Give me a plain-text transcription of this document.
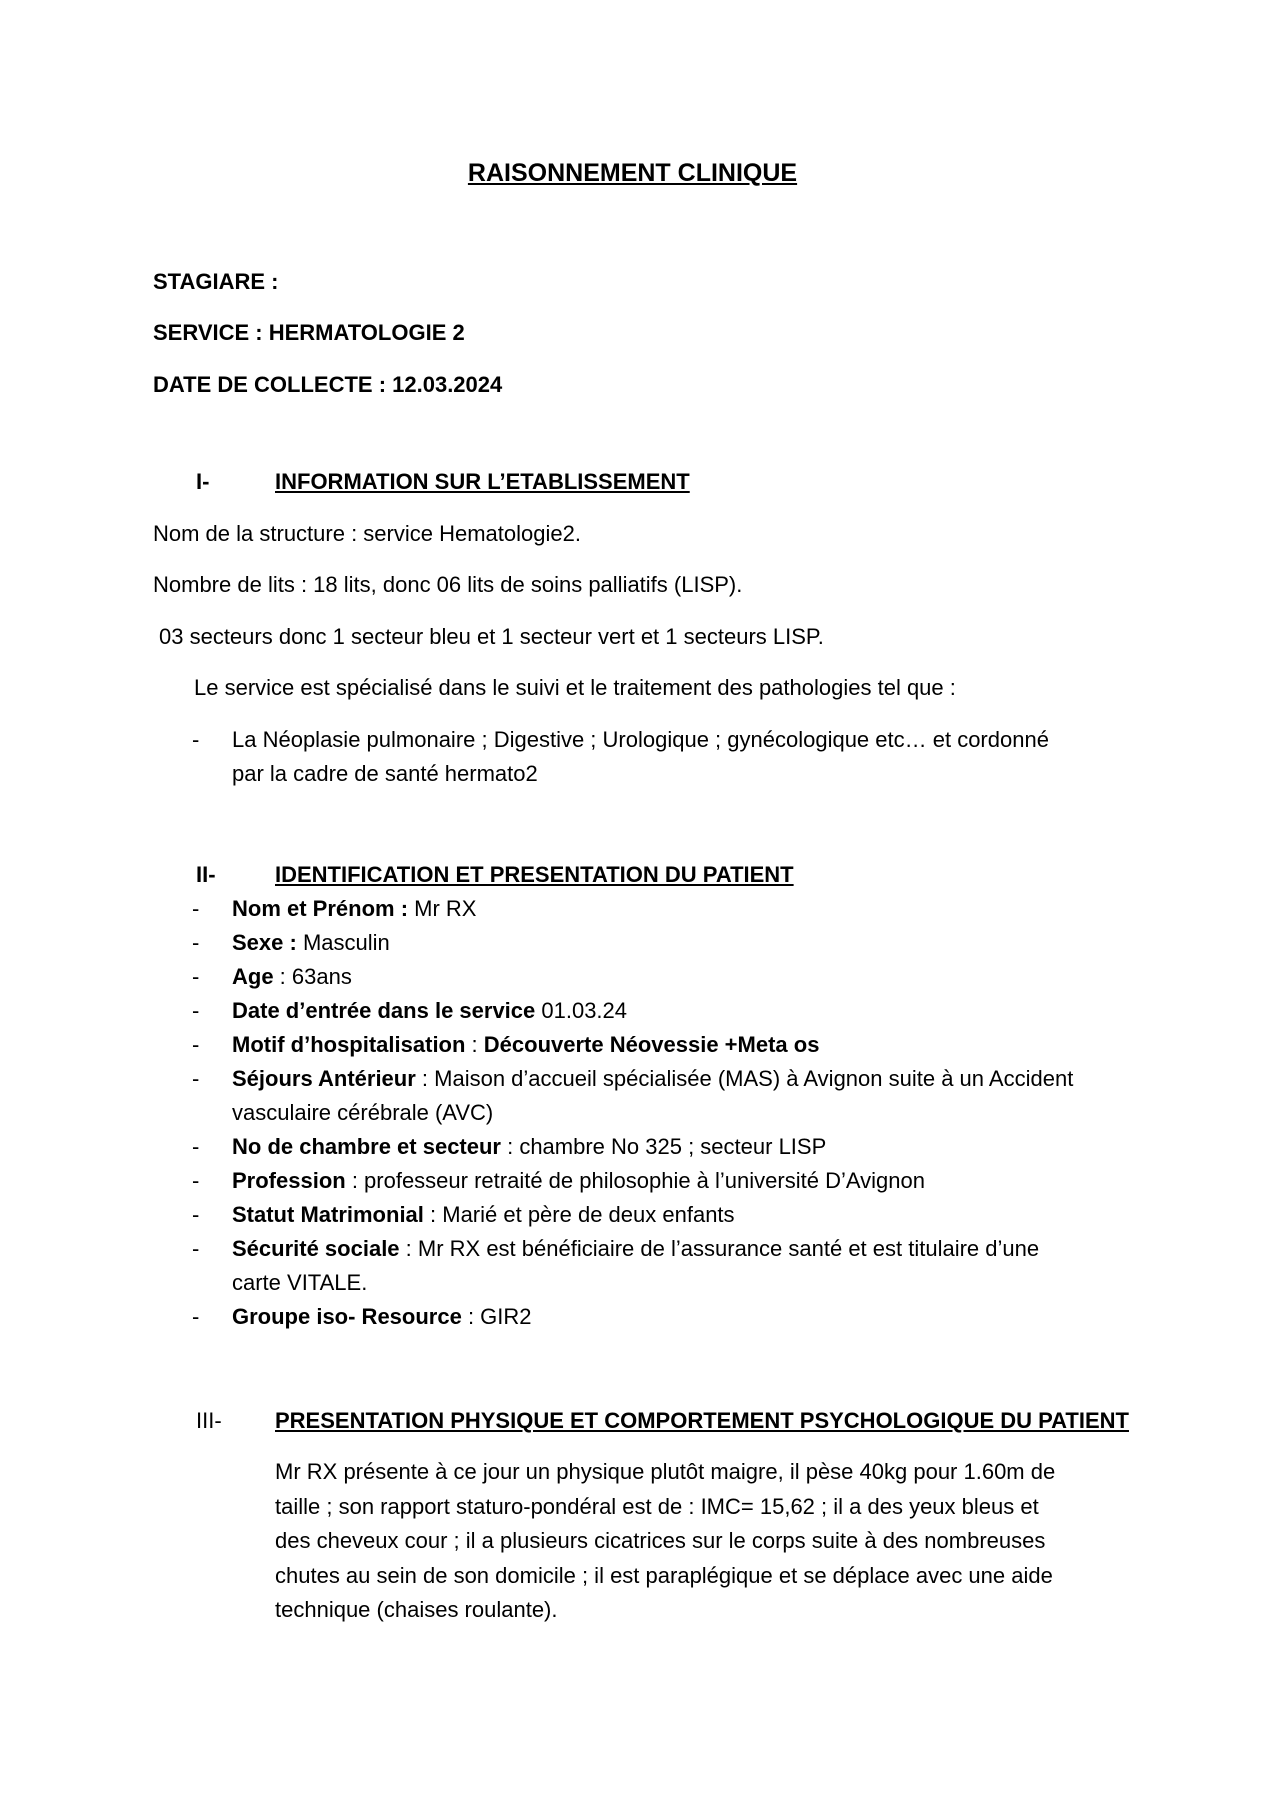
RAISONNEMENT CLINIQUE
STAGIARE :
SERVICE : HERMATOLOGIE 2
DATE DE COLLECTE : 12.03.2024
I-	INFORMATION SUR L’ETABLISSEMENT
Nom de la structure : service Hematologie2.
Nombre de lits : 18 lits, donc 06 lits de soins palliatifs (LISP).
03 secteurs donc 1 secteur bleu et 1 secteur vert et 1 secteurs LISP.
Le service est spécialisé dans le suivi et le traitement des pathologies tel que :
- La Néoplasie pulmonaire ; Digestive ; Urologique ; gynécologique etc… et cordonné
par la cadre de santé hermato2
II-	IDENTIFICATION ET PRESENTATION DU PATIENT
- Nom et Prénom : Mr RX
- Sexe : Masculin
- Age : 63ans
- Date d’entrée dans le service 01.03.24
- Motif d’hospitalisation : Découverte Néovessie +Meta os
- Séjours Antérieur : Maison d’accueil spécialisée (MAS) à Avignon suite à un Accident
vasculaire cérébrale (AVC)
- No de chambre et secteur : chambre No 325 ; secteur LISP
- Profession : professeur retraité de philosophie à l’université D’Avignon
- Statut Matrimonial : Marié et père de deux enfants
- Sécurité sociale : Mr RX est bénéficiaire de l’assurance santé et est titulaire d’une
carte VITALE.
- Groupe iso- Resource : GIR2
III- PRESENTATION PHYSIQUE ET COMPORTEMENT PSYCHOLOGIQUE DU PATIENT
Mr RX présente à ce jour un physique plutôt maigre, il pèse 40kg pour 1.60m de
taille ; son rapport staturo-pondéral est de : IMC= 15,62 ; il a des yeux bleus et
des cheveux cour ; il a plusieurs cicatrices sur le corps suite à des nombreuses
chutes au sein de son domicile ; il est paraplégique et se déplace avec une aide
technique (chaises roulante).
